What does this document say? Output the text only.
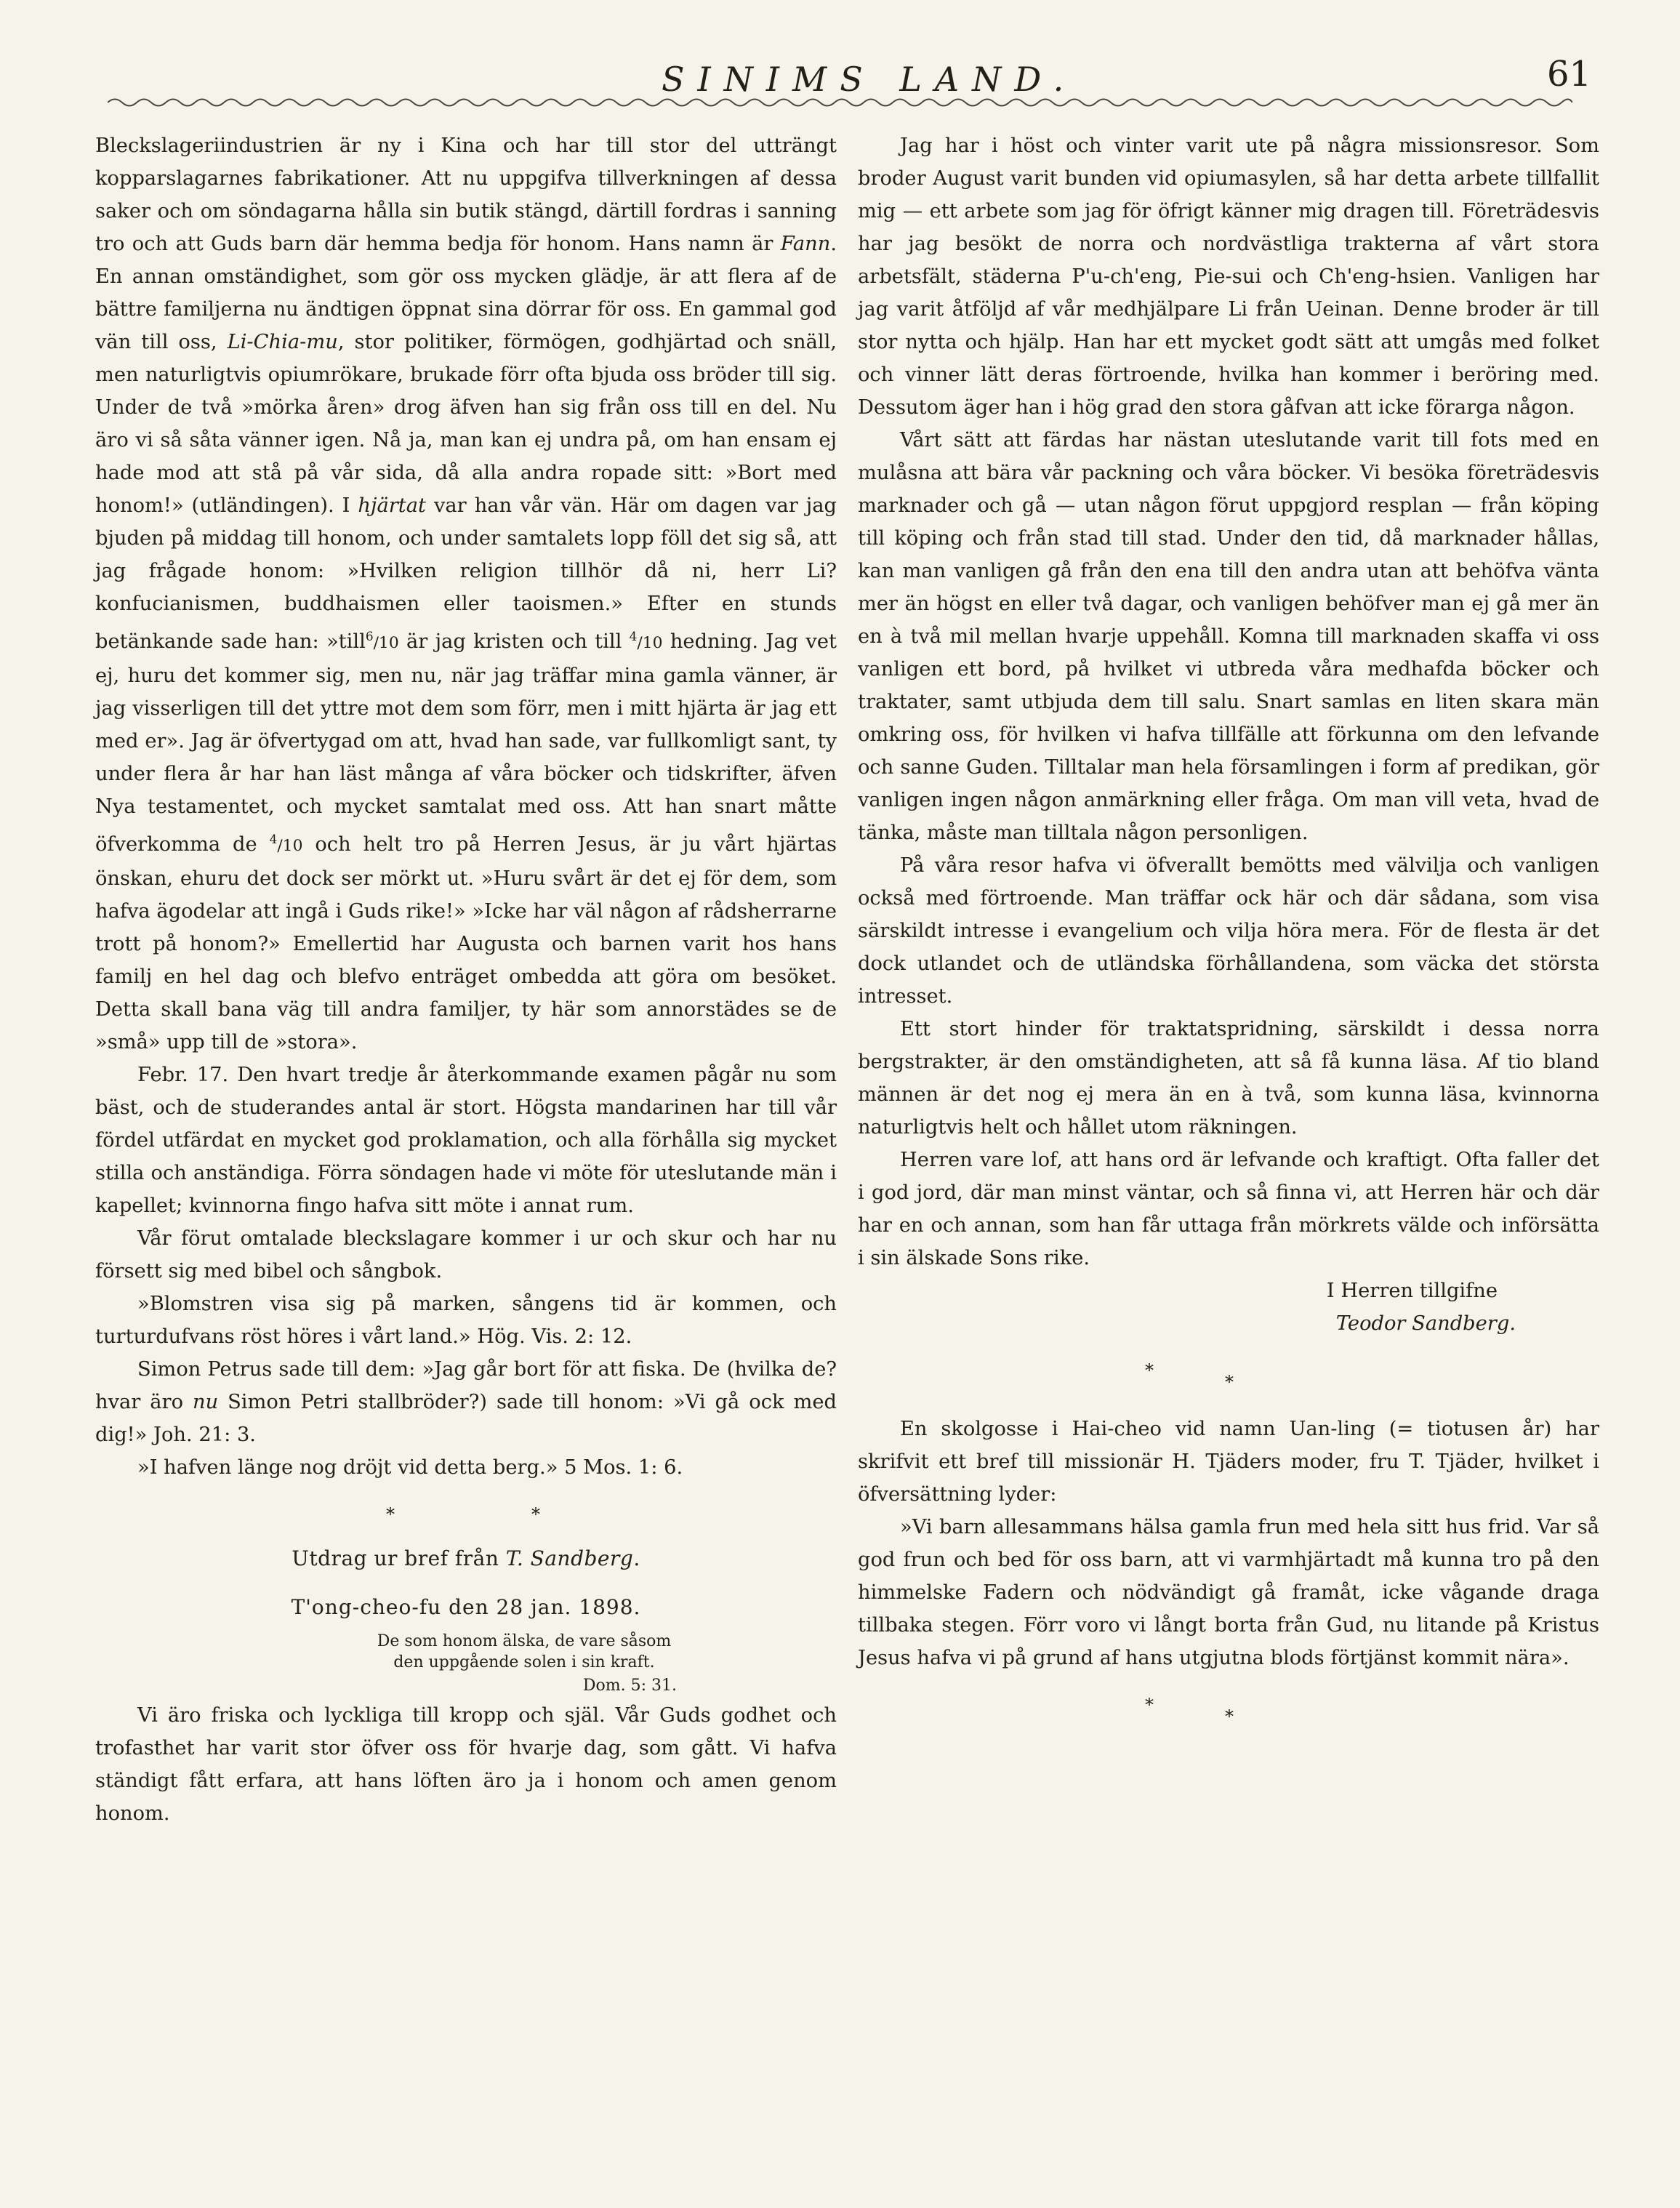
SINIMS LAND.	61

Bleckslageriindustrien är ny i Kina och har till stor del utträngt kopparslagarnes fabrikationer. Att nu uppgifva tillverkningen af dessa saker och om söndagarna hålla sin butik stängd, därtill fordras i sanning tro och att Guds barn där hemma bedja för honom. Hans namn är Fann. En annan omständighet, som gör oss mycken glädje, är att flera af de bättre familjerna nu ändtigen öppnat sina dörrar för oss. En gammal god vän till oss, Li-Chia-mu, stor politiker, förmögen, godhjärtad och snäll, men naturligtvis opiumrökare, brukade förr ofta bjuda oss bröder till sig. Under de två »mörka åren» drog äfven han sig från oss till en del. Nu äro vi så såta vänner igen. Nå ja, man kan ej undra på, om han ensam ej hade mod att stå på vår sida, då alla andra ropade sitt: »Bort med honom!» (utländingen). I hjärtat var han vår vän. Här om dagen var jag bjuden på middag till honom, och under samtalets lopp föll det sig så, att jag frågade honom: »Hvilken religion tillhör då ni, herr Li? konfucianismen, buddhaismen eller taoismen.» Efter en stunds betänkande sade han: »till$^6$/10 är jag kristen och till $^4$/10 hedning. Jag vet ej, huru det kommer sig, men nu, när jag träffar mina gamla vänner, är jag visserligen till det yttre mot dem som förr, men i mitt hjärta är jag ett med er». Jag är öfvertygad om att, hvad han sade, var fullkomligt sant, ty under flera år har han läst många af våra böcker och tidskrifter, äfven Nya testamentet, och mycket samtalat med oss. Att han snart måtte öfverkomma de $^4$/10 och helt tro på Herren Jesus, är ju vårt hjärtas önskan, ehuru det dock ser mörkt ut. »Huru svårt är det ej för dem, som hafva ägodelar att ingå i Guds rike!» »Icke har väl någon af rådsherrarne trott på honom?» Emellertid har Augusta och barnen varit hos hans familj en hel dag och blefvo enträget ombedda att göra om besöket. Detta skall bana väg till andra familjer, ty här som annorstädes se de »små» upp till de »stora».

Febr. 17. Den hvart tredje år återkommande examen pågår nu som bäst, och de studerandes antal är stort. Högsta mandarinen har till vår fördel utfärdat en mycket god proklamation, och alla förhålla sig mycket stilla och anständiga. Förra söndagen hade vi möte för uteslutande män i kapellet; kvinnorna fingo hafva sitt möte i annat rum.

Vår förut omtalade bleckslagare kommer i ur och skur och har nu försett sig med bibel och sångbok.

»Blomstren visa sig på marken, sångens tid är kommen, och turturdufvans röst höres i vårt land.» Hög. Vis. 2: 12.

Simon Petrus sade till dem: »Jag går bort för att fiska. De (hvilka de? hvar äro nu Simon Petri stallbröder?) sade till honom: »Vi gå ock med dig!» Joh. 21: 3.

»I hafven länge nog dröjt vid detta berg.» 5 Mos. 1: 6.

*	*
Utdrag ur bref från T. Sandberg.
T'ong-cheo-fu den 28 jan. 1898.
De som honom älska, de vare såsom den uppgående solen i sin kraft.
Dom. 5: 31.

Vi äro friska och lyckliga till kropp och själ. Vår Guds godhet och trofasthet har varit stor öfver oss för hvarje dag, som gått. Vi hafva ständigt fått erfara, att hans löften äro ja i honom och amen genom honom.

Jag har i höst och vinter varit ute på några missionsresor. Som broder August varit bunden vid opiumasylen, så har detta arbete tillfallit mig — ett arbete som jag för öfrigt känner mig dragen till. Företrädesvis har jag besökt de norra och nordvästliga trakterna af vårt stora arbetsfält, städerna P'u-ch'eng, Pie-sui och Ch'eng-hsien. Vanligen har jag varit åtföljd af vår medhjälpare Li från Ueinan. Denne broder är till stor nytta och hjälp. Han har ett mycket godt sätt att umgås med folket och vinner lätt deras förtroende, hvilka han kommer i beröring med. Dessutom äger han i hög grad den stora gåfvan att icke förarga någon.

Vårt sätt att färdas har nästan uteslutande varit till fots med en mulåsna att bära vår packning och våra böcker. Vi besöka företrädesvis marknader och gå — utan någon förut uppgjord resplan — från köping till köping och från stad till stad. Under den tid, då marknader hållas, kan man vanligen gå från den ena till den andra utan att behöfva vänta mer än högst en eller två dagar, och vanligen behöfver man ej gå mer än en à två mil mellan hvarje uppehåll. Komna till marknaden skaffa vi oss vanligen ett bord, på hvilket vi utbreda våra medhafda böcker och traktater, samt utbjuda dem till salu. Snart samlas en liten skara män omkring oss, för hvilken vi hafva tillfälle att förkunna om den lefvande och sanne Guden. Tilltalar man hela församlingen i form af predikan, gör vanligen ingen någon anmärkning eller fråga. Om man vill veta, hvad de tänka, måste man tilltala någon personligen.

På våra resor hafva vi öfverallt bemötts med välvilja och vanligen också med förtroende. Man träffar ock här och där sådana, som visa särskildt intresse i evangelium och vilja höra mera. För de flesta är det dock utlandet och de utländska förhållandena, som väcka det största intresset.

Ett stort hinder för traktatspridning, särskildt i dessa norra bergstrakter, är den omständigheten, att så få kunna läsa. Af tio bland männen är det nog ej mera än en à två, som kunna läsa, kvinnorna naturligtvis helt och hållet utom räkningen.

Herren vare lof, att hans ord är lefvande och kraftigt. Ofta faller det i god jord, där man minst väntar, och så finna vi, att Herren här och där har en och annan, som han får uttaga från mörkrets välde och införsätta i sin älskade Sons rike.

I Herren tillgifne
Teodor Sandberg.
*
*

En skolgosse i Hai-cheo vid namn Uan-ling (= tiotusen år) har skrifvit ett bref till missionär H. Tjäders moder, fru T. Tjäder, hvilket i öfversättning lyder:

»Vi barn allesammans hälsa gamla frun med hela sitt hus frid. Var så god frun och bed för oss barn, att vi varmhjärtadt må kunna tro på den himmelske Fadern och nödvändigt gå framåt, icke vågande draga tillbaka stegen. Förr voro vi långt borta från Gud, nu litande på Kristus Jesus hafva vi på grund af hans utgjutna blods förtjänst kommit nära».

*
*
